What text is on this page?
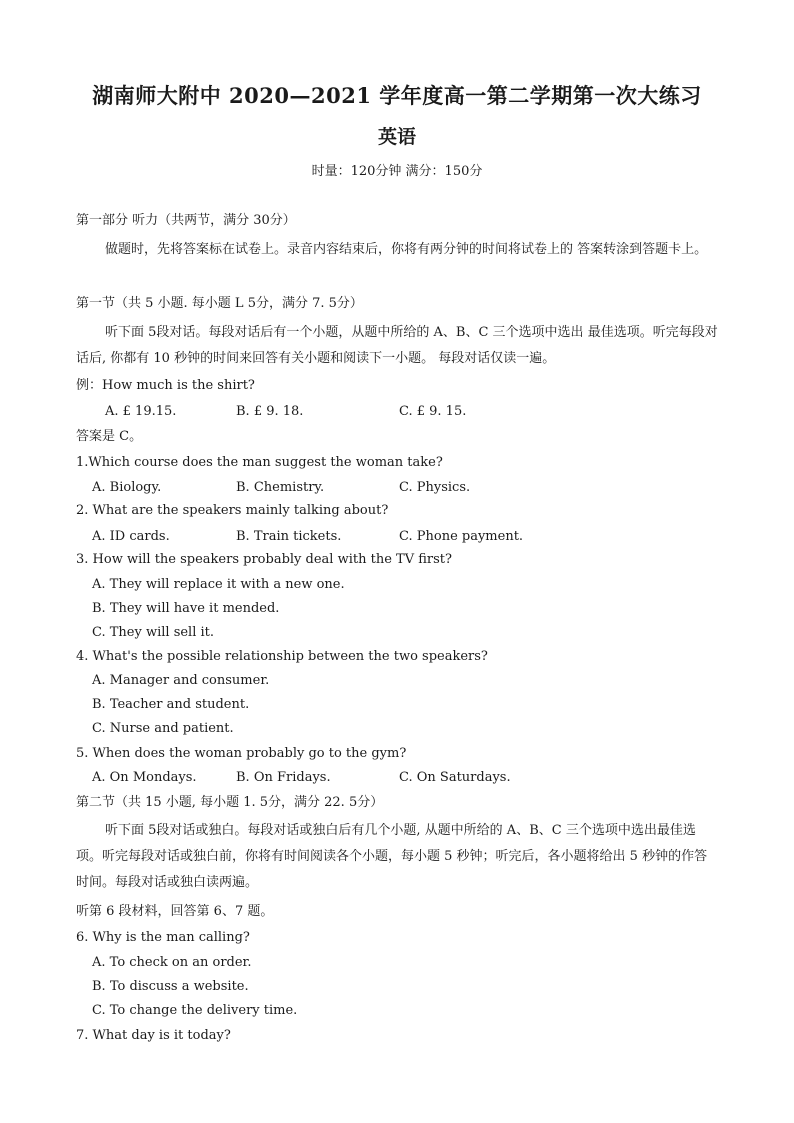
湖南师大附中 2020—2021 学年度高一第二学期第一次大练习
英语
时量：120分钟 满分：150分
第一部分 听力（共两节，满分 30分）
做题时，先将答案标在试卷上。录音内容结束后，你将有两分钟的时间将试卷上的 答案转涂到答题卡上。
第一节（共 5 小题. 每小题 L 5分，满分 7. 5分）
听下面 5段对话。每段对话后有一个小题，从题中所给的 A、B、C 三个选项中选出 最佳选项。听完每段对话后, 你都有 10 秒钟的时间来回答有关小题和阅读下一小题。 每段对话仅读一遍。
例：How much is the shirt?
A. £ 19.15.	B. £ 9. 18.	C. £ 9. 15.
答案是 C。
1.Which course does the man suggest the woman take?
A. Biology.	B. Chemistry.	C. Physics.
2. What are the speakers mainly talking about?
A. ID cards.	B. Train tickets.	C. Phone payment.
3. How will the speakers probably deal with the TV first?
A. They will replace it with a new one.
B. They will have it mended.
C. They will sell it.
4. What's the possible relationship between the two speakers?
A. Manager and consumer.
B. Teacher and student.
C. Nurse and patient.
5. When does the woman probably go to the gym?
A. On Mondays.	B. On Fridays.	C. On Saturdays.
第二节（共 15 小题, 每小题 1. 5分，满分 22. 5分）
听下面 5段对话或独白。每段对话或独白后有几个小题, 从题中所给的 A、B、C 三个选项中选出最佳选项。听完每段对话或独白前，你将有时间阅读各个小题，每小题 5 秒钟；听完后，各小题将给出 5 秒钟的作答时间。每段对话或独白读两遍。
听第 6 段材料，回答第 6、7 题。
6. Why is the man calling?
A. To check on an order.
B. To discuss a website.
C. To change the delivery time.
7. What day is it today?
